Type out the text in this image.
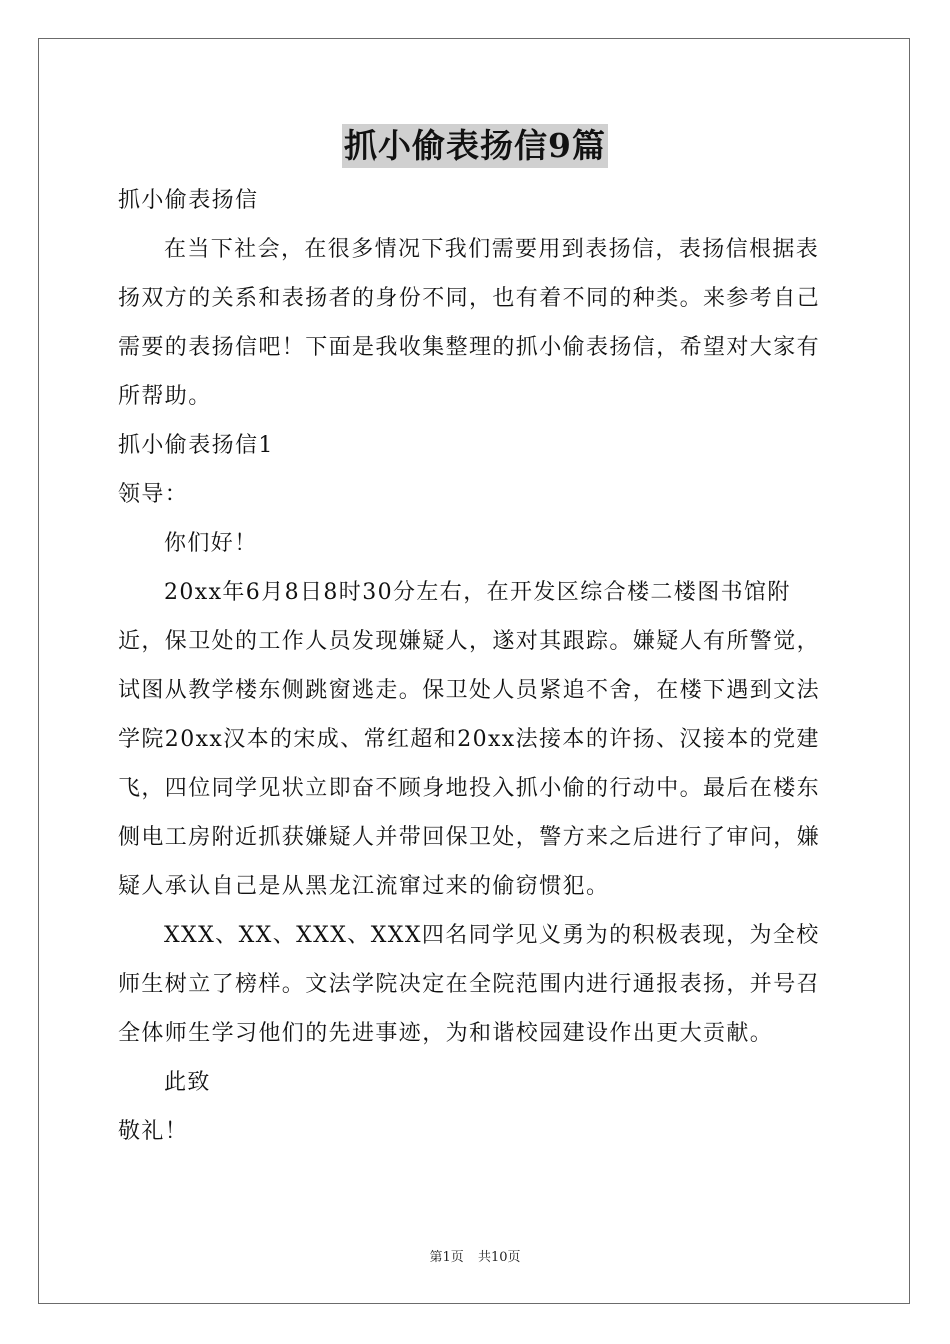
抓小偷表扬信9篇

抓小偷表扬信

在当下社会，在很多情况下我们需要用到表扬信，表扬信根据表扬双方的关系和表扬者的身份不同，也有着不同的种类。来参考自己需要的表扬信吧！下面是我收集整理的抓小偷表扬信，希望对大家有所帮助。

抓小偷表扬信1

领导：

你们好！

20xx年6月8日8时30分左右，在开发区综合楼二楼图书馆附近，保卫处的工作人员发现嫌疑人，遂对其跟踪。嫌疑人有所警觉，试图从教学楼东侧跳窗逃走。保卫处人员紧追不舍，在楼下遇到文法学院20xx汉本的宋成、常红超和20xx法接本的许扬、汉接本的党建飞，四位同学见状立即奋不顾身地投入抓小偷的行动中。最后在楼东侧电工房附近抓获嫌疑人并带回保卫处，警方来之后进行了审问，嫌疑人承认自己是从黑龙江流窜过来的偷窃惯犯。

XXX、XX、XXX、XXX四名同学见义勇为的积极表现，为全校师生树立了榜样。文法学院决定在全院范围内进行通报表扬，并号召全体师生学习他们的先进事迹，为和谐校园建设作出更大贡献。

此致

敬礼！

第1页 共10页
